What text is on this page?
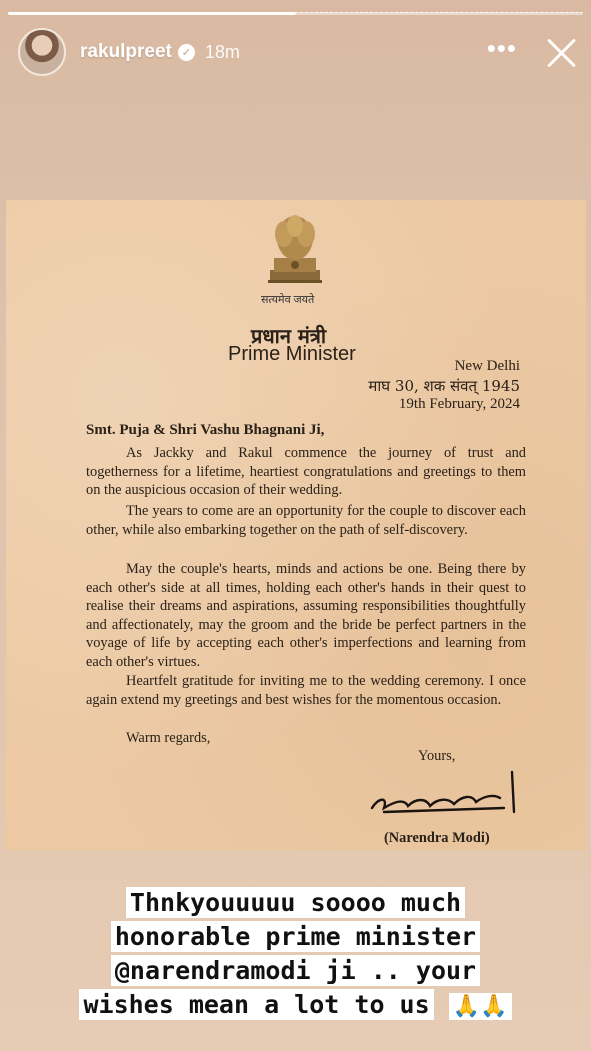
rakulpreet ✓ 18m	•••
सत्यमेव जयते
प्रधान मंत्री
Prime Minister
New Delhi
माघ 30, शक संवत् 1945
19th February, 2024
Smt. Puja & Shri Vashu Bhagnani Ji,

As Jackky and Rakul commence the journey of trust and togetherness for a lifetime, heartiest congratulations and greetings to them on the auspicious occasion of their wedding.

The years to come are an opportunity for the couple to discover each other, while also embarking together on the path of self-discovery.

May the couple's hearts, minds and actions be one. Being there by each other's side at all times, holding each other's hands in their quest to realise their dreams and aspirations, assuming responsibilities thoughtfully and affectionately, may the groom and the bride be perfect partners in the voyage of life by accepting each other's imperfections and learning from each other's virtues.

Heartfelt gratitude for inviting me to the wedding ceremony. I once again extend my greetings and best wishes for the momentous occasion.

Warm regards,
Yours,
(Narendra Modi)
Thnkyouuuuu soooo much
honorable prime minister
@narendramodi ji .. your
wishes mean a lot to us 🙏🙏
